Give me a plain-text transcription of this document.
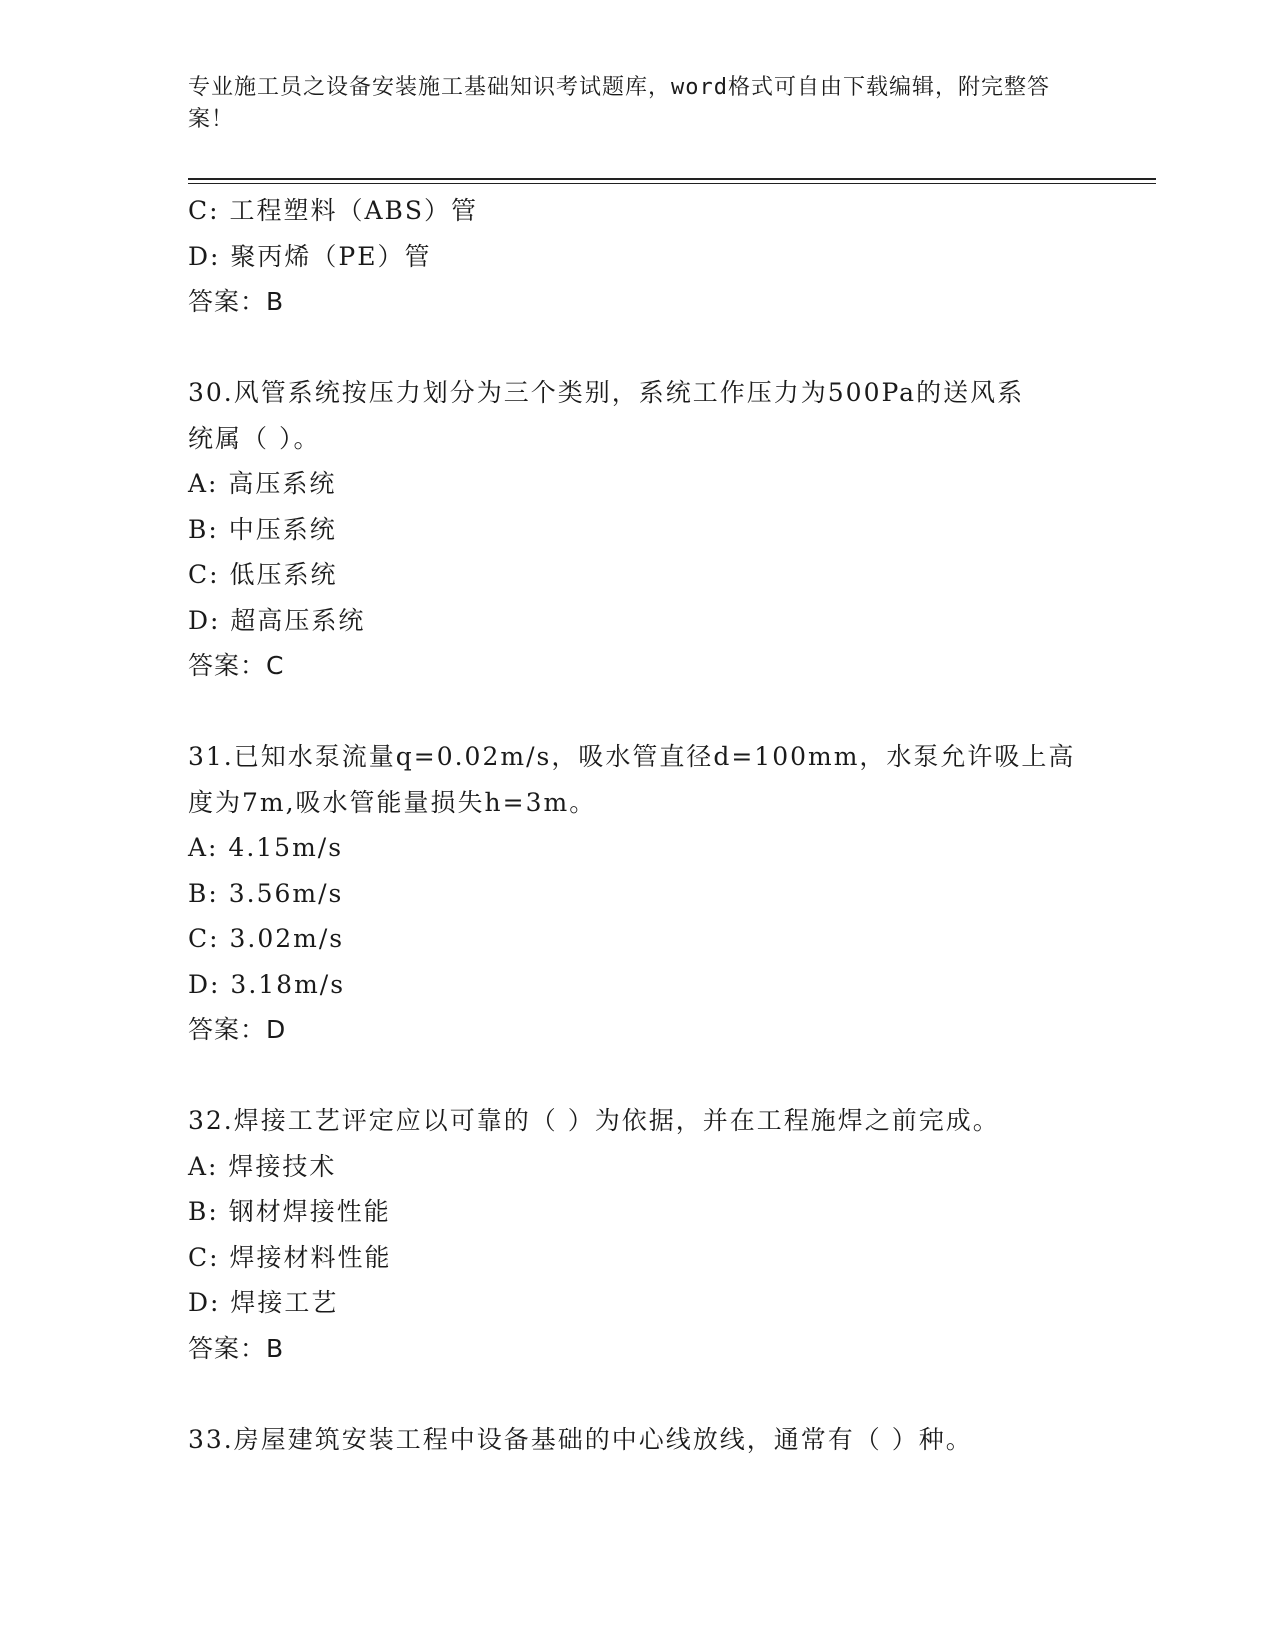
专业施工员之设备安装施工基础知识考试题库，word格式可自由下载编辑，附完整答案！
C: 工程塑料（ABS）管
D: 聚丙烯（PE）管
答案：B
30.风管系统按压力划分为三个类别，系统工作压力为500Pa的送风系
统属（ ）。
A: 高压系统
B: 中压系统
C: 低压系统
D: 超高压系统
答案：C
31.已知水泵流量q=0.02m/s，吸水管直径d=100mm，水泵允许吸上高
度为7m,吸水管能量损失h=3m。
A: 4.15m/s
B: 3.56m/s
C: 3.02m/s
D: 3.18m/s
答案：D
32.焊接工艺评定应以可靠的（ ）为依据，并在工程施焊之前完成。
A: 焊接技术
B: 钢材焊接性能
C: 焊接材料性能
D: 焊接工艺
答案：B
33.房屋建筑安装工程中设备基础的中心线放线，通常有（ ）种。
